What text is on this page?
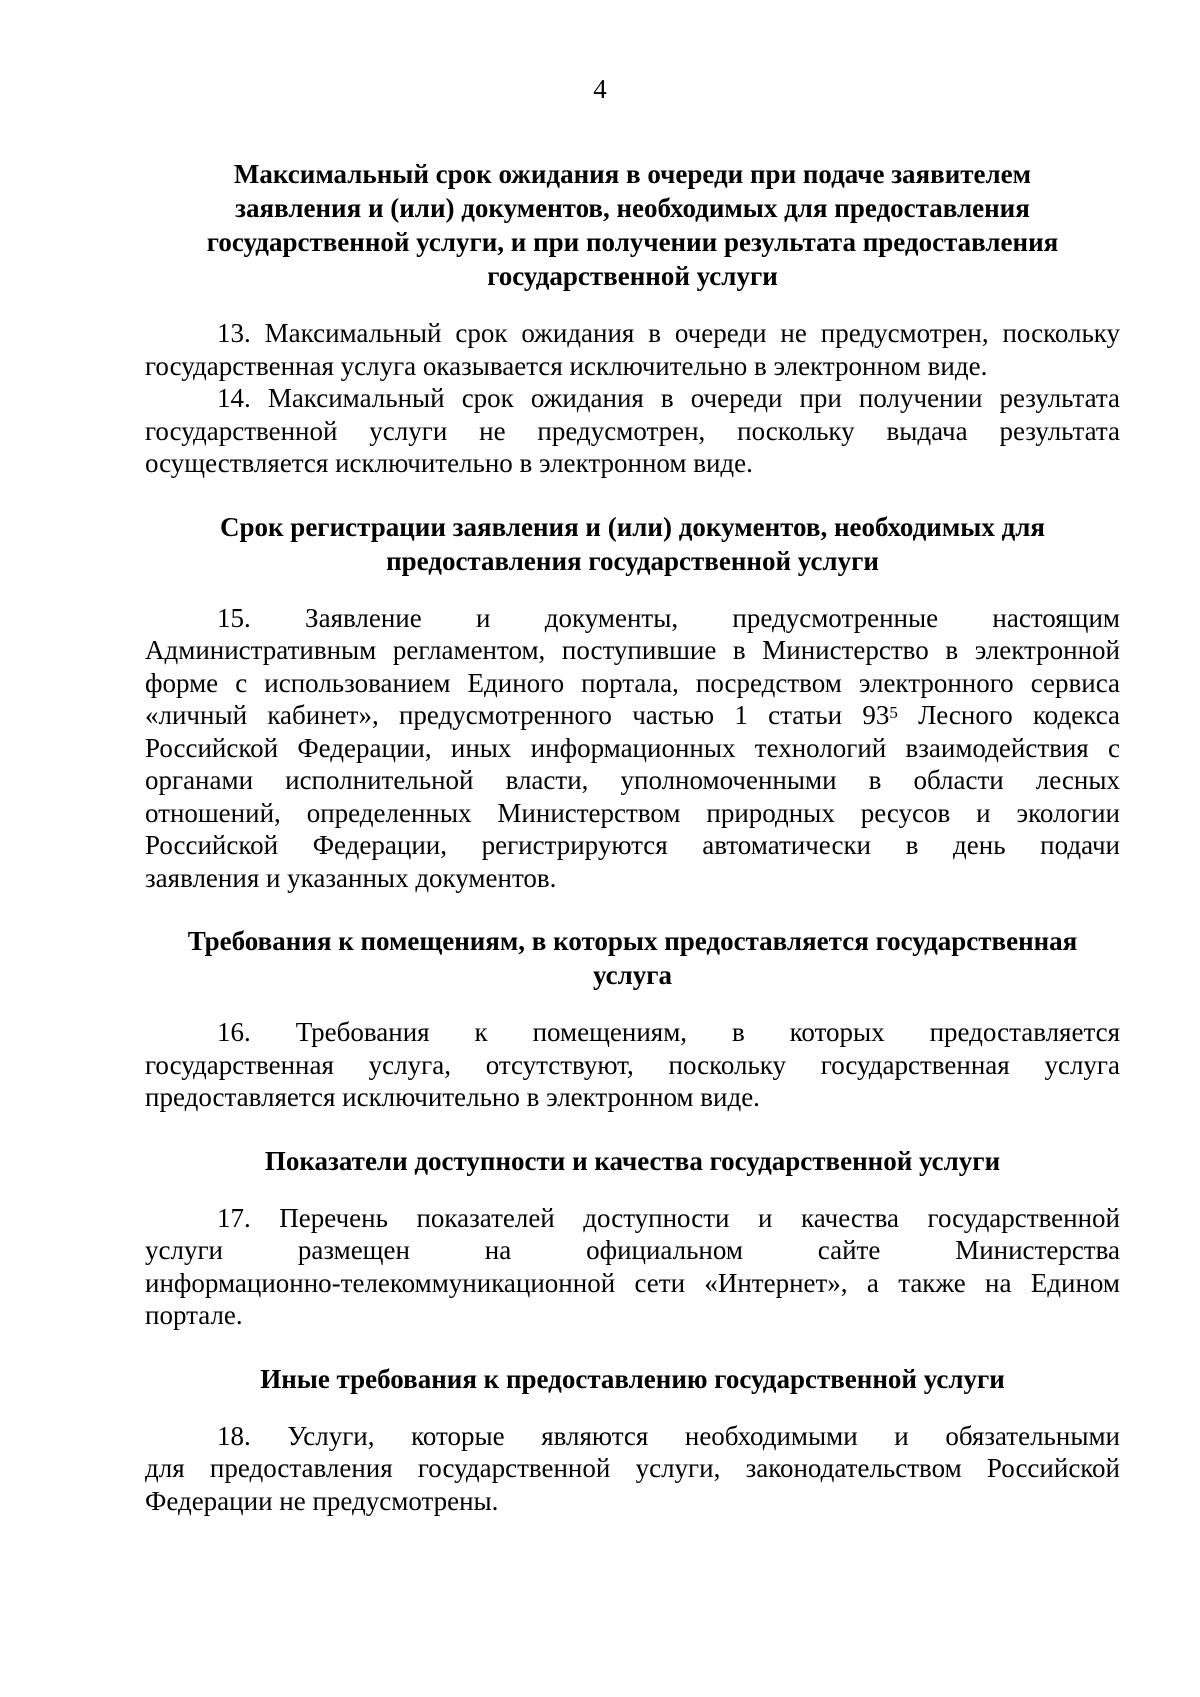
4
Максимальный срок ожидания в очереди при подаче заявителем
заявления и (или) документов, необходимых для предоставления
государственной услуги, и при получении результата предоставления
государственной услуги
13. Максимальный срок ожидания в очереди не предусмотрен, поскольку
государственная услуга оказывается исключительно в электронном виде.
14. Максимальный срок ожидания в очереди при получении результата
государственной услуги не предусмотрен, поскольку выдача результата
осуществляется исключительно в электронном виде.
Срок регистрации заявления и (или) документов, необходимых для
предоставления государственной услуги
15. Заявление и документы, предусмотренные настоящим
Административным регламентом, поступившие в Министерство в электронной
форме с использованием Единого портала, посредством электронного сервиса
«личный кабинет», предусмотренного частью 1 статьи 93$^5$ Лесного кодекса
Российской Федерации, иных информационных технологий взаимодействия с
органами исполнительной власти, уполномоченными в области лесных
отношений, определенных Министерством природных ресусов и экологии
Российской Федерации, регистрируются автоматически в день подачи
заявления и указанных документов.
Требования к помещениям, в которых предоставляется государственная
услуга
16. Требования к помещениям, в которых предоставляется
государственная услуга, отсутствуют, поскольку государственная услуга
предоставляется исключительно в электронном виде.
Показатели доступности и качества государственной услуги
17. Перечень показателей доступности и качества государственной
услуги размещен на официальном сайте Министерства
информационно-телекоммуникационной сети «Интернет», а также на Едином
портале.
Иные требования к предоставлению государственной услуги
18. Услуги, которые являются необходимыми и обязательными
для предоставления государственной услуги, законодательством Российской
Федерации не предусмотрены.
